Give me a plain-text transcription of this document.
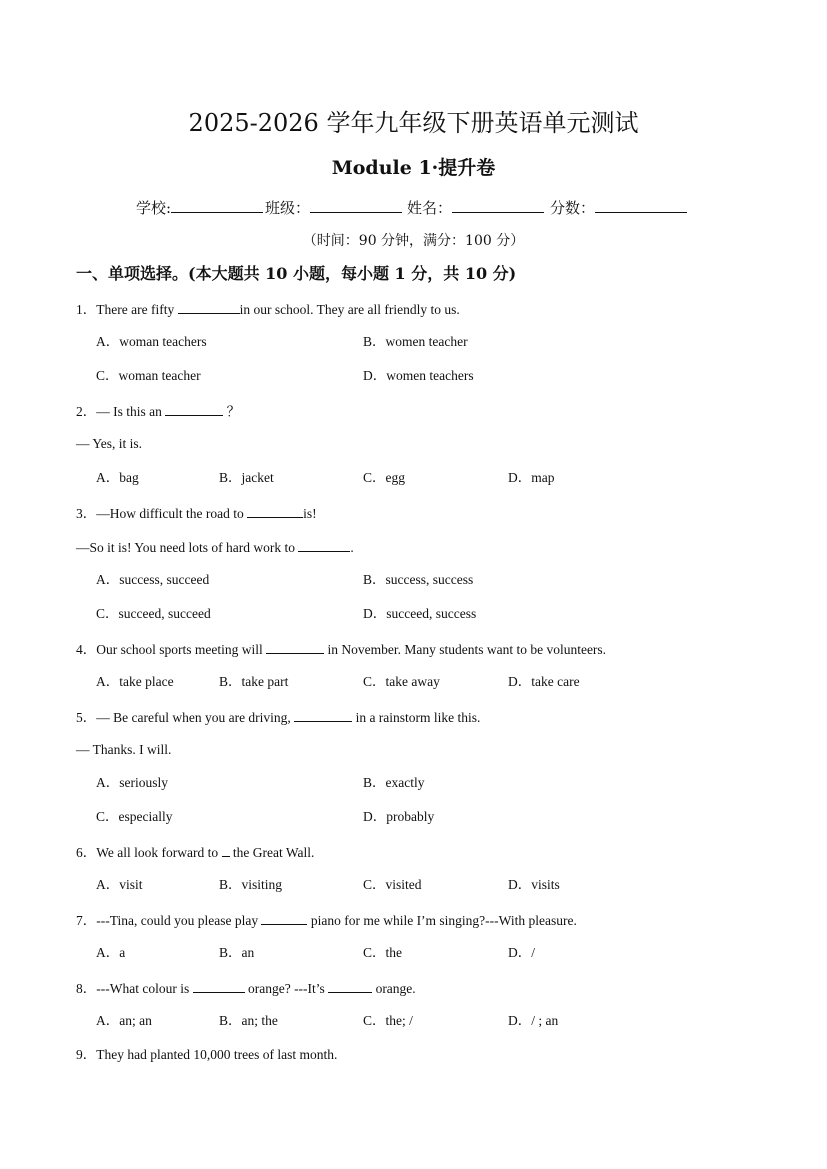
2025-2026 学年九年级下册英语单元测试
Module 1·提升卷
学校:	班级：	姓名：	分数：
（时间：90 分钟，满分：100 分）
一、单项选择。(本大题共 10 小题，每小题 1 分，共 10 分)
1．There are fifty	in our school. They are all friendly to us.
A．woman teachers	B．women teacher
C．woman teacher	D．women teachers
2．— Is this an	？
— Yes, it is.
A．bag	B．jacket	C．egg	D．map
3．—How difficult the road to	is!
—So it is! You need lots of hard work to	.
A．success, succeed	B．success, success
C．succeed, succeed	D．succeed, success
4．Our school sports meeting will	in November. Many students want to be volunteers.
A．take place	B．take part	C．take away	D．take care
5．— Be careful when you are driving,	in a rainstorm like this.
— Thanks. I will.
A．seriously	B．exactly
C．especially	D．probably
6．We all look forward to  the Great Wall.
A．visit	B．visiting	C．visited	D．visits
7．---Tina, could you please play	piano for me while I’m singing?---With pleasure.
A．a	B．an	C．the	D．/
8．---What colour is	orange? ---It’s	orange.
A．an; an	B．an; the	C．the; /	D．/ ; an
9．They had planted 10,000 trees of last month.
